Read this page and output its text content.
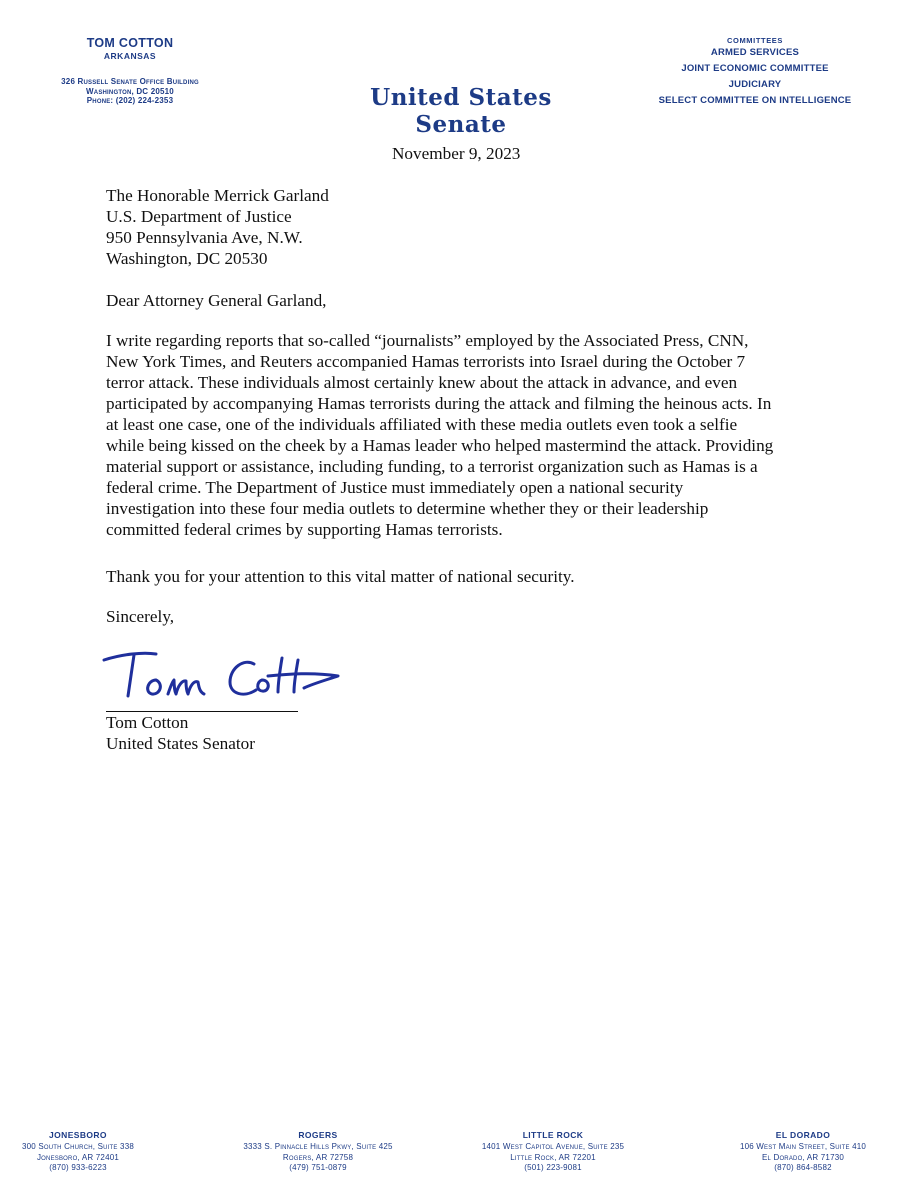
TOM COTTON
ARKANSAS
326 Russell Senate Office Building
Washington, DC 20510
Phone: (202) 224-2353	United States Senate
COMMITTEES
ARMED SERVICES
JOINT ECONOMIC COMMITTEE
JUDICIARY
SELECT COMMITTEE ON INTELLIGENCE
November 9, 2023
The Honorable Merrick Garland
U.S. Department of Justice
950 Pennsylvania Ave, N.W.
Washington, DC 20530
Dear Attorney General Garland,
I write regarding reports that so-called “journalists” employed by the Associated Press, CNN,
New York Times, and Reuters accompanied Hamas terrorists into Israel during the October 7
terror attack. These individuals almost certainly knew about the attack in advance, and even
participated by accompanying Hamas terrorists during the attack and filming the heinous acts. In
at least one case, one of the individuals affiliated with these media outlets even took a selfie
while being kissed on the cheek by a Hamas leader who helped mastermind the attack. Providing
material support or assistance, including funding, to a terrorist organization such as Hamas is a
federal crime. The Department of Justice must immediately open a national security
investigation into these four media outlets to determine whether they or their leadership
committed federal crimes by supporting Hamas terrorists.
Thank you for your attention to this vital matter of national security.
Sincerely,
Tom Cotton
United States Senator
JONESBORO
300 South Church, Suite 338
Jonesboro, AR 72401
(870) 933-6223
ROGERS
3333 S. Pinnacle Hills Pkwy, Suite 425
Rogers, AR 72758
(479) 751-0879
LITTLE ROCK
1401 West Capitol Avenue, Suite 235
Little Rock, AR 72201
(501) 223-9081
EL DORADO
106 West Main Street, Suite 410
El Dorado, AR 71730
(870) 864-8582
